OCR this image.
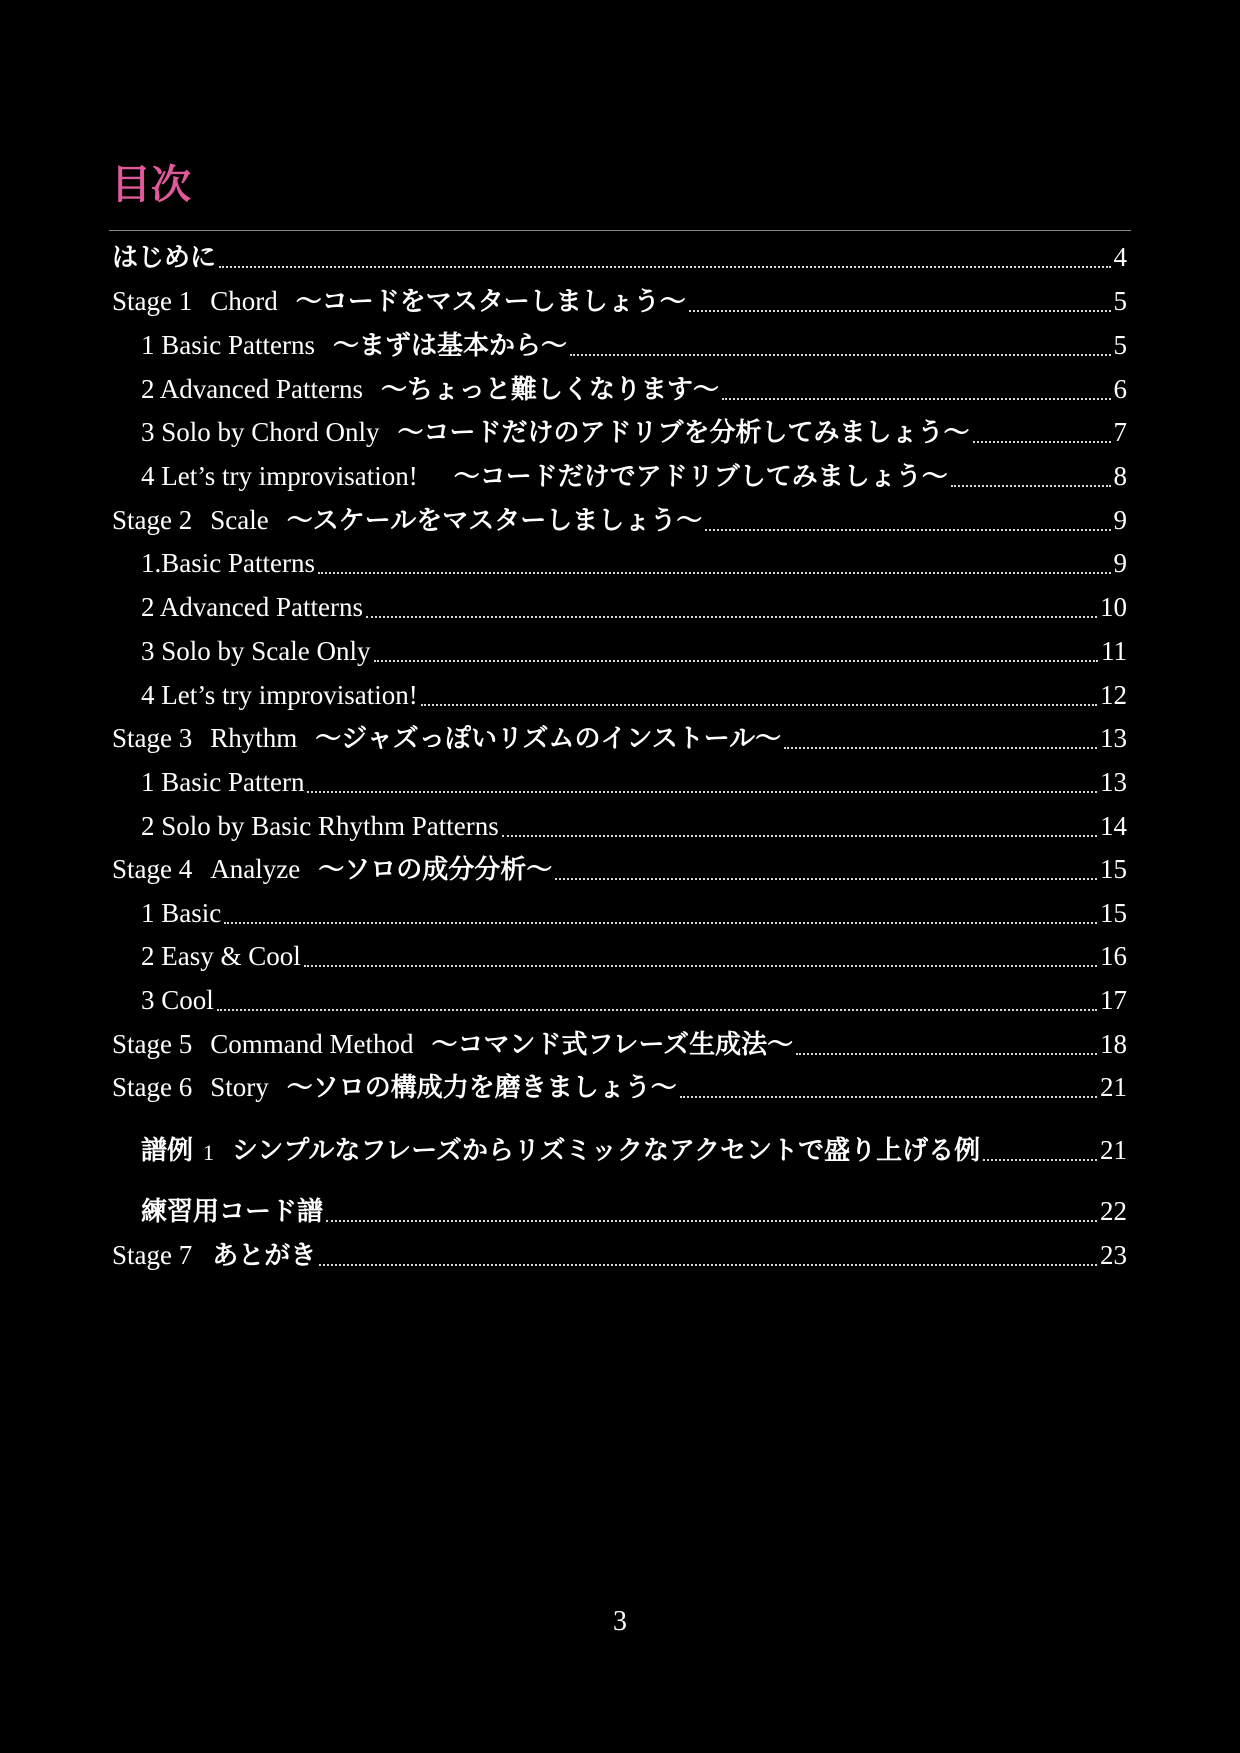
目次
はじめに	4
Stage 1 Chord 〜コードをマスターしましょう〜	5
1 Basic Patterns 〜まずは基本から〜	5
2 Advanced Patterns 〜ちょっと難しくなります〜	6
3 Solo by Chord Only 〜コードだけのアドリブを分析してみましょう〜	7
4 Let’s try improvisation! 〜コードだけでアドリブしてみましょう〜	8
Stage 2 Scale 〜スケールをマスターしましょう〜	9
1.Basic Patterns	9
2 Advanced Patterns	10
3 Solo by Scale Only	11
4 Let’s try improvisation!	12
Stage 3 Rhythm 〜ジャズっぽいリズムのインストール〜	13
1 Basic Pattern	13
2 Solo by Basic Rhythm Patterns	14
Stage 4 Analyze 〜ソロの成分分析〜	15
1 Basic	15
2 Easy & Cool	16
3 Cool	17
Stage 5 Command Method 〜コマンド式フレーズ生成法〜	18
Stage 6 Story 〜ソロの構成力を磨きましょう〜	21
譜例 1 シンプルなフレーズからリズミックなアクセントで盛り上げる例	21
練習用コード譜	22
Stage 7 あとがき	23
3
